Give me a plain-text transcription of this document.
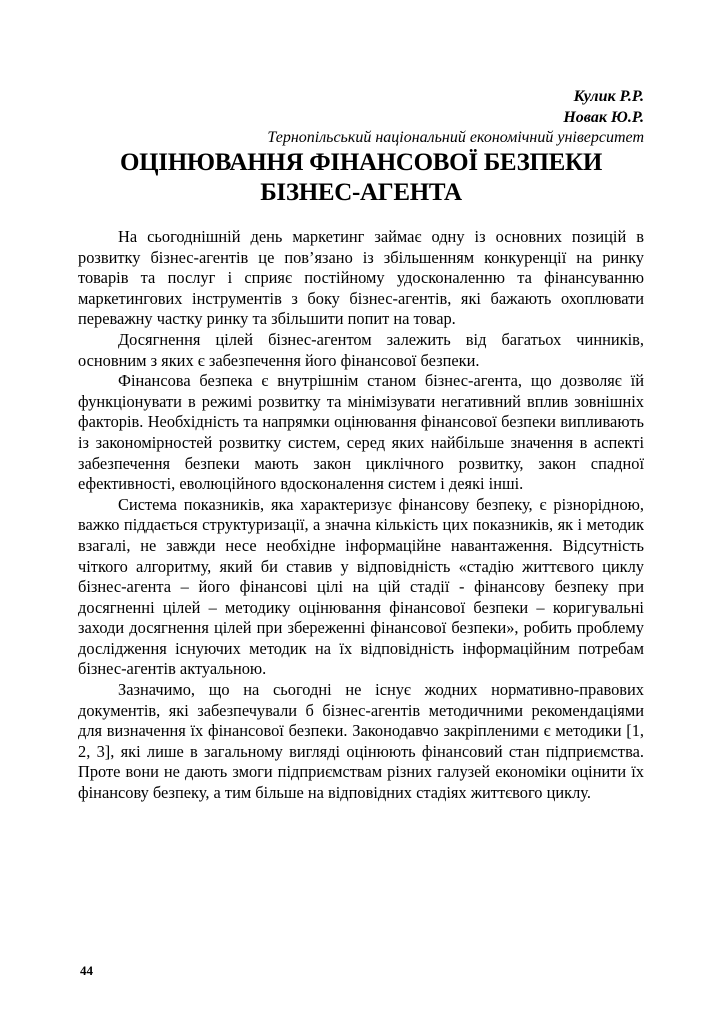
Кулик Р.Р.
Новак Ю.Р.
Тернопільський національний економічний університет
ОЦІНЮВАННЯ ФІНАНСОВОЇ БЕЗПЕКИ
БІЗНЕС-АГЕНТА

На сьогоднішній день маркетинг займає одну із основних позицій в розвитку бізнес-агентів це пов’язано із збільшенням конкуренції на ринку товарів та послуг і сприяє постійному удосконаленню та фінансуванню маркетингових інструментів з боку бізнес-агентів, які бажають охоплювати переважну частку ринку та збільшити попит на товар.

Досягнення цілей бізнес-агентом залежить від багатьох чинників, основним з яких є забезпечення його фінансової безпеки.

Фінансова безпека є внутрішнім станом бізнес-агента, що дозволяє їй функціонувати в режимі розвитку та мінімізувати негативний вплив зовнішніх факторів. Необхідність та напрямки оцінювання фінансової безпеки випливають із закономірностей розвитку систем, серед яких найбільше значення в аспекті забезпечення безпеки мають закон циклічного розвитку, закон спадної ефективності, еволюційного вдосконалення систем і деякі інші.

Система показників, яка характеризує фінансову безпеку, є різнорідною, важко піддається структуризації, а значна кількість цих показників, як і методик взагалі, не завжди несе необхідне інформаційне навантаження. Відсутність чіткого алгоритму, який би ставив у відповідність «стадію життєвого циклу бізнес-агента – його фінансові цілі на цій стадії - фінансову безпеку при досягненні цілей – методику оцінювання фінансової безпеки – коригувальні заходи досягнення цілей при збереженні фінансової безпеки», робить проблему дослідження існуючих методик на їх відповідність інформаційним потребам бізнес-агентів актуальною.

Зазначимо, що на сьогодні не існує жодних нормативно-правових документів, які забезпечували б бізнес-агентів методичними рекомендаціями для визначення їх фінансової безпеки. Законодавчо закріпленими є методики [1, 2, 3], які лише в загальному вигляді оцінюють фінансовий стан підприємства. Проте вони не дають змоги підприємствам різних галузей економіки оцінити їх фінансову безпеку, а тим більше на відповідних стадіях життєвого циклу.

44
